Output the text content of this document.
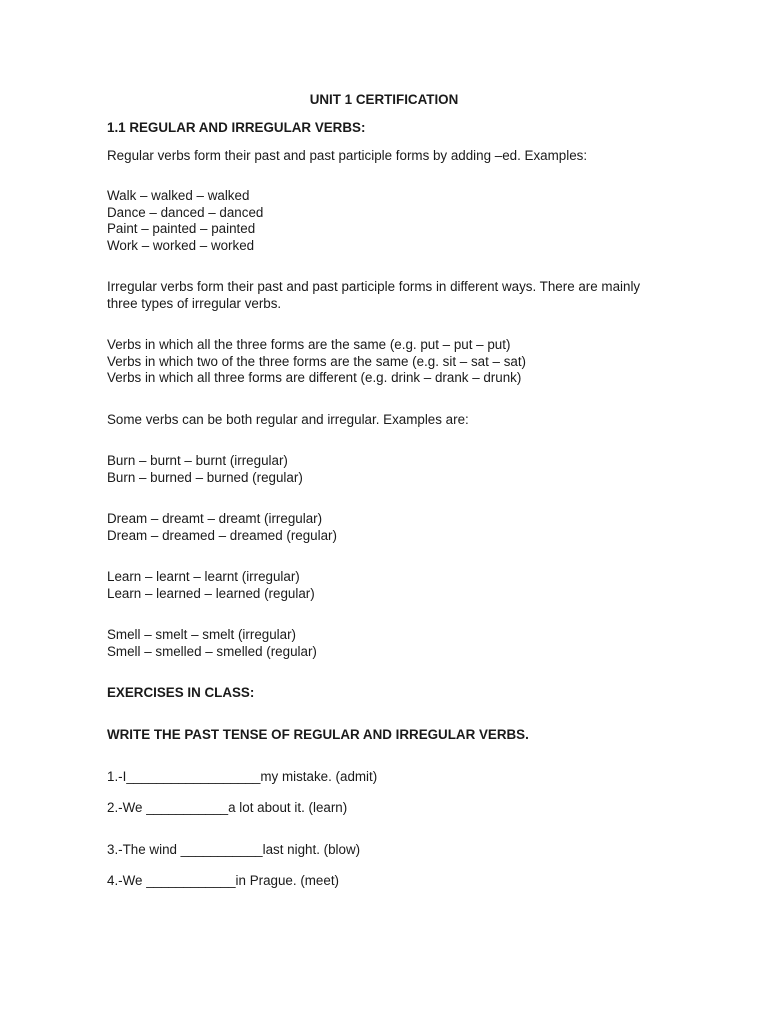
UNIT 1 CERTIFICATION

1.1 REGULAR AND IRREGULAR VERBS:

Regular verbs form their past and past participle forms by adding –ed. Examples:

Walk – walked – walked

Dance – danced – danced

Paint – painted – painted

Work – worked – worked

Irregular verbs form their past and past participle forms in different ways. There are mainly

three types of irregular verbs.

Verbs in which all the three forms are the same (e.g. put – put – put)

Verbs in which two of the three forms are the same (e.g. sit – sat – sat)

Verbs in which all three forms are different (e.g. drink – drank – drunk)

Some verbs can be both regular and irregular. Examples are:

Burn – burnt – burnt (irregular)

Burn – burned – burned (regular)

Dream – dreamt – dreamt (irregular)

Dream – dreamed – dreamed (regular)

Learn – learnt – learnt (irregular)

Learn – learned – learned (regular)

Smell – smelt – smelt (irregular)

Smell – smelled – smelled (regular)

EXERCISES IN CLASS:

WRITE THE PAST TENSE OF REGULAR AND IRREGULAR VERBS.

1.-I__________________my mistake. (admit)

2.-We ___________a lot about it. (learn)

3.-The wind ___________last night. (blow)

4.-We ____________in Prague. (meet)
